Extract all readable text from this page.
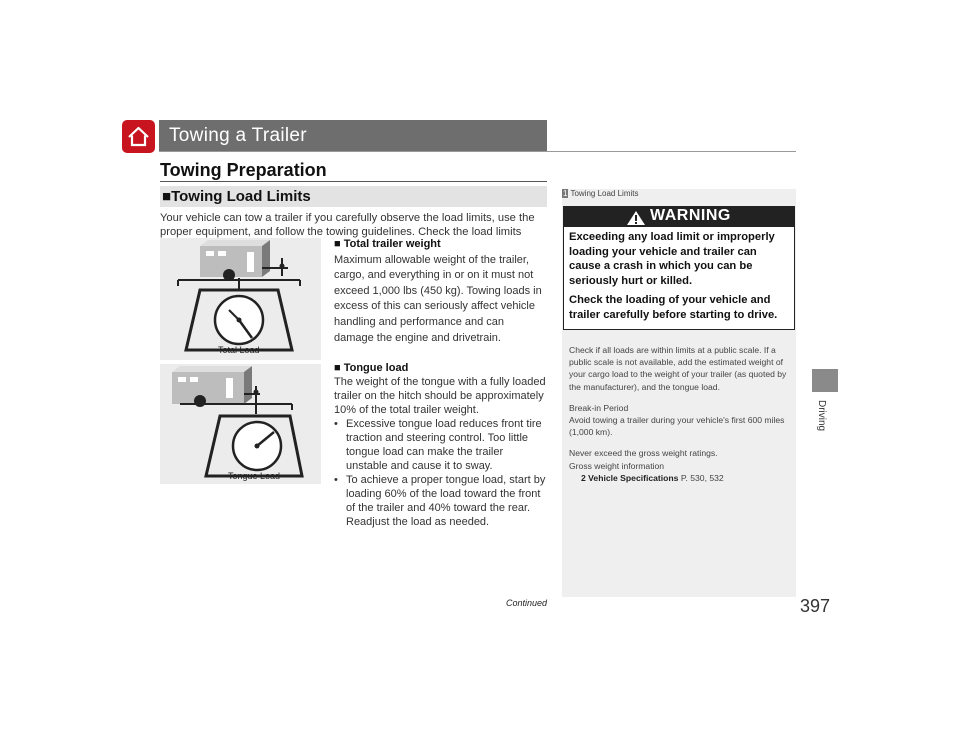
Towing a Trailer
Towing Preparation
■Towing Load Limits
Your vehicle can tow a trailer if you carefully observe the load limits, use the proper equipment, and follow the towing guidelines. Check the load limits
Total Load
Tongue Load
■ Total trailer weight
Maximum allowable weight of the trailer, cargo, and everything in or on it must not exceed 1,000 lbs (450 kg). Towing loads in excess of this can seriously affect vehicle handling and performance and can damage the engine and drivetrain.
■ Tongue load
The weight of the tongue with a fully loaded trailer on the hitch should be approximately 10% of the total trailer weight.
• Excessive tongue load reduces front tire traction and steering control. Too little tongue load can make the trailer unstable and cause it to sway.
• To achieve a proper tongue load, start by loading 60% of the load toward the front of the trailer and 40% toward the rear. Readjust the load as needed.
1 Towing Load Limits
WARNING
Exceeding any load limit or improperly loading your vehicle and trailer can cause a crash in which you can be seriously hurt or killed.
Check the loading of your vehicle and trailer carefully before starting to drive.
Check if all loads are within limits at a public scale. If a public scale is not available, add the estimated weight of your cargo load to the weight of your trailer (as quoted by the manufacturer), and the tongue load.
Break-in Period
Avoid towing a trailer during your vehicle's first 600 miles (1,000 km).
Never exceed the gross weight ratings.
Gross weight information
2 Vehicle Specifications P. 530, 532
Driving
Continued	397
